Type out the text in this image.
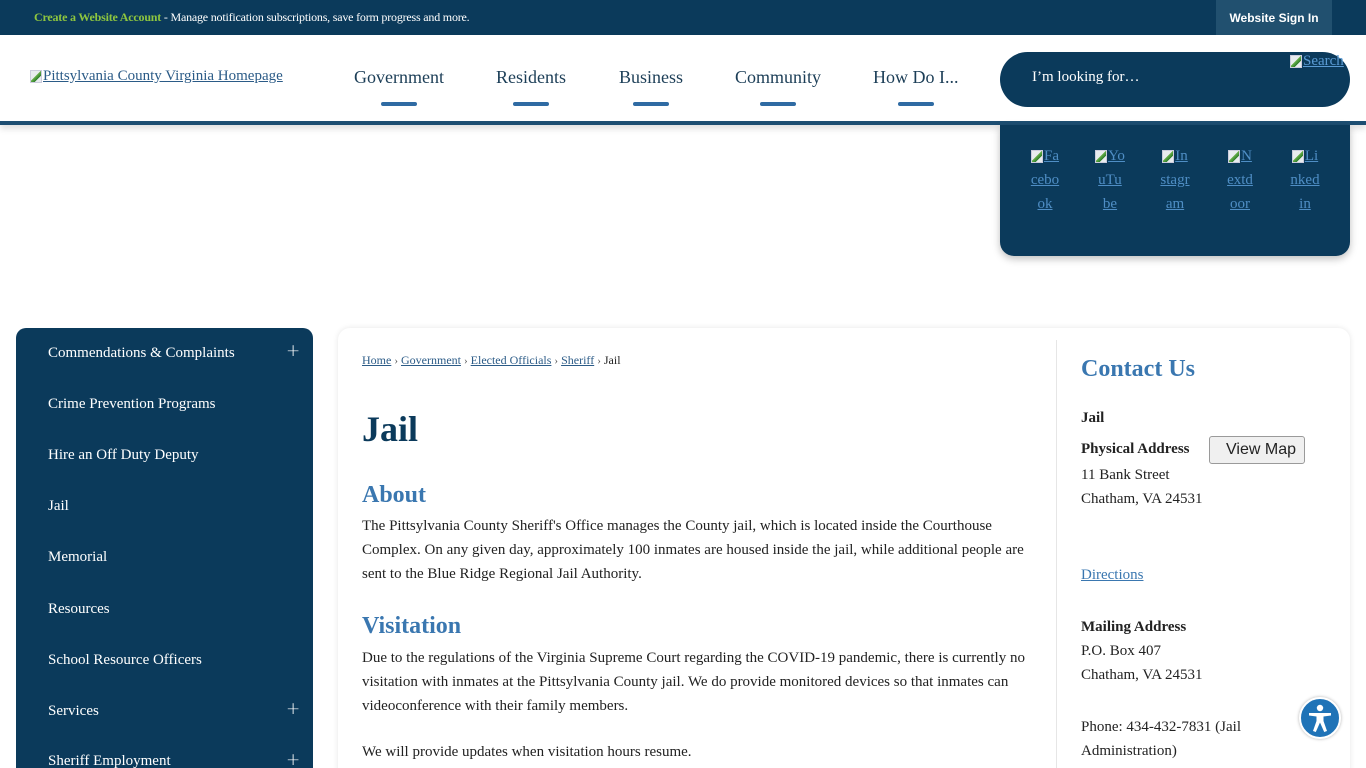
Create a Website Account - Manage notification subscriptions, save form progress and more.	Website Sign In
Pittsylvania County Virginia Homepage	Government	Residents	Business	Community	How Do I...
I’m looking for…
Search
Facebook
YouTube
Instagram
Nextdoor
Linkedin
Commendations & Complaints	+
Crime Prevention Programs
Hire an Off Duty Deputy
Jail
Memorial
Resources
School Resource Officers
Services	+
Sheriff Employment	+
Home › Government › Elected Officials › Sheriff › Jail
Jail
About

The Pittsylvania County Sheriff's Office manages the County jail, which is located inside the Courthouse Complex. On any given day, approximately 100 inmates are housed inside the jail, while additional people are sent to the Blue Ridge Regional Jail Authority.

Visitation

Due to the regulations of the Virginia Supreme Court regarding the COVID-19 pandemic, there is currently no visitation with inmates at the Pittsylvania County jail. We do provide monitored devices so that inmates can videoconference with their family members.

We will provide updates when visitation hours resume.

Contact Us
Jail
Physical Address	View Map
11 Bank Street
Chatham, VA 24531
Directions
Mailing Address
P.O. Box 407
Chatham, VA 24531
Phone: 434-432-7831 (Jail
Administration)
